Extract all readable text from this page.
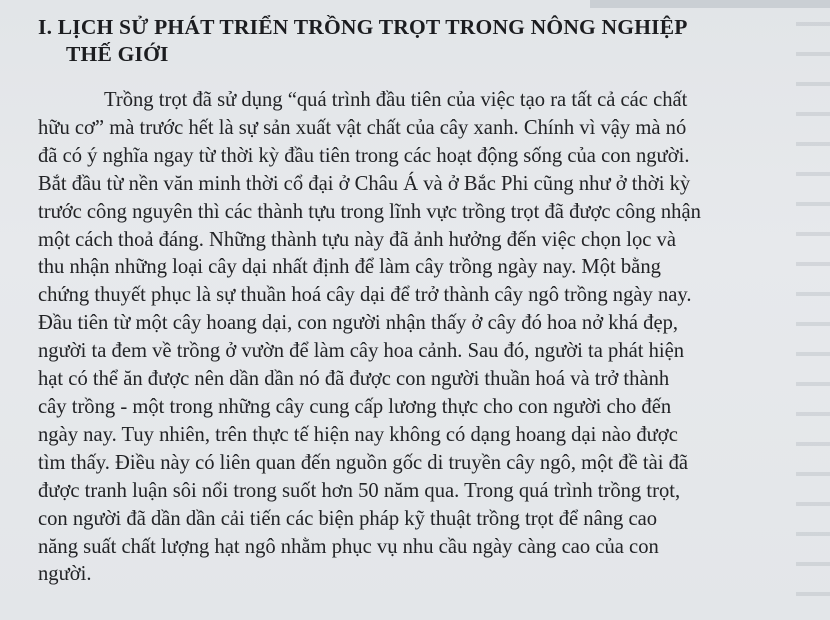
I. LỊCH SỬ PHÁT TRIỂN TRỒNG TRỌT TRONG NÔNG NGHIỆP
THẾ GIỚI

Trồng trọt đã sử dụng “quá trình đầu tiên của việc tạo ra tất cả các chất
hữu cơ” mà trước hết là sự sản xuất vật chất của cây xanh. Chính vì vậy mà nó
đã có ý nghĩa ngay từ thời kỳ đầu tiên trong các hoạt động sống của con người.
Bắt đầu từ nền văn minh thời cổ đại ở Châu Á và ở Bắc Phi cũng như ở thời kỳ
trước công nguyên thì các thành tựu trong lĩnh vực trồng trọt đã được công nhận
một cách thoả đáng. Những thành tựu này đã ảnh hưởng đến việc chọn lọc và
thu nhận những loại cây dại nhất định để làm cây trồng ngày nay. Một bằng
chứng thuyết phục là sự thuần hoá cây dại để trở thành cây ngô trồng ngày nay.
Đầu tiên từ một cây hoang dại, con người nhận thấy ở cây đó hoa nở khá đẹp,
người ta đem về trồng ở vườn để làm cây hoa cảnh. Sau đó, người ta phát hiện
hạt có thể ăn được nên dần dần nó đã được con người thuần hoá và trở thành
cây trồng - một trong những cây cung cấp lương thực cho con người cho đến
ngày nay. Tuy nhiên, trên thực tế hiện nay không có dạng hoang dại nào được
tìm thấy. Điều này có liên quan đến nguồn gốc di truyền cây ngô, một đề tài đã
được tranh luận sôi nổi trong suốt hơn 50 năm qua. Trong quá trình trồng trọt,
con người đã dần dần cải tiến các biện pháp kỹ thuật trồng trọt để nâng cao
năng suất chất lượng hạt ngô nhằm phục vụ nhu cầu ngày càng cao của con
người.
